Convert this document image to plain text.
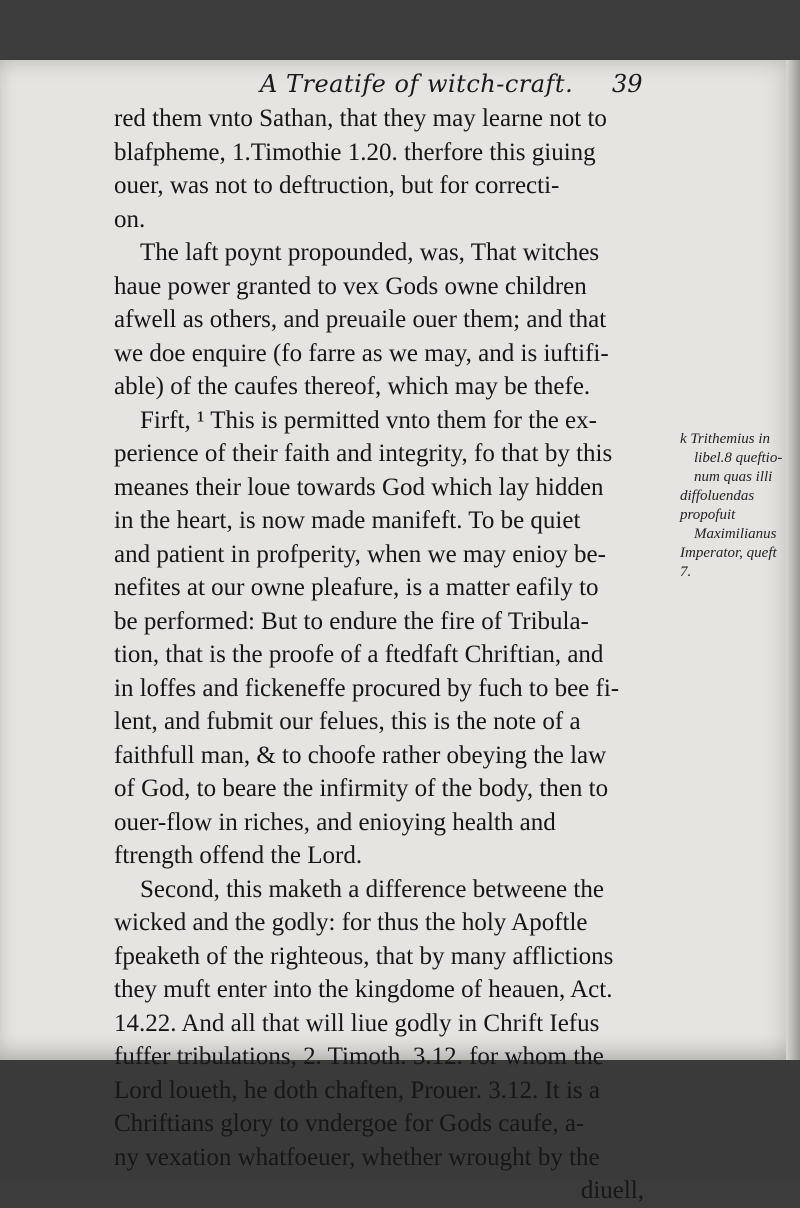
A Treatife of witch-craft. 39
red them vnto Sathan, that they may learne not to
blafpheme, 1.Timothie 1.20. therfore this giuing
ouer, was not to deftruction, but for correcti-
on.
The laft poynt propounded, was, That witches
haue power granted to vex Gods owne children
afwell as others, and preuaile ouer them; and that
we doe enquire (fo farre as we may, and is iuftifi-
able) of the caufes thereof, which may be thefe.
Firft, ¹ This is permitted vnto them for the ex-
perience of their faith and integrity, fo that by this
meanes their loue towards God which lay hidden
in the heart, is now made manifeft. To be quiet
and patient in profperity, when we may enioy be-
nefites at our owne pleafure, is a matter eafily to
be performed: But to endure the fire of Tribula-
tion, that is the proofe of a ftedfaft Chriftian, and
in loffes and fickeneffe procured by fuch to bee fi-
lent, and fubmit our felues, this is the note of a
faithfull man, & to choofe rather obeying the law
of God, to beare the infirmity of the body, then to
ouer-flow in riches, and enioying health and
ftrength offend the Lord.
Second, this maketh a difference betweene the
wicked and the godly: for thus the holy Apoftle
fpeaketh of the righteous, that by many afflictions
they muft enter into the kingdome of heauen, Act.
14.22. And all that will liue godly in Chrift Iefus
fuffer tribulations, 2. Timoth. 3.12. for whom the
Lord loueth, he doth chaften, Prouer. 3.12. It is a
Chriftians glory to vndergoe for Gods caufe, a-
ny vexation whatfoeuer, whether wrought by the
diuell,
k Trithemius in
libel.8 queftio-
num quas illi
diffoluendas
propofuit
Maximilianus
Imperator, queft
7.
